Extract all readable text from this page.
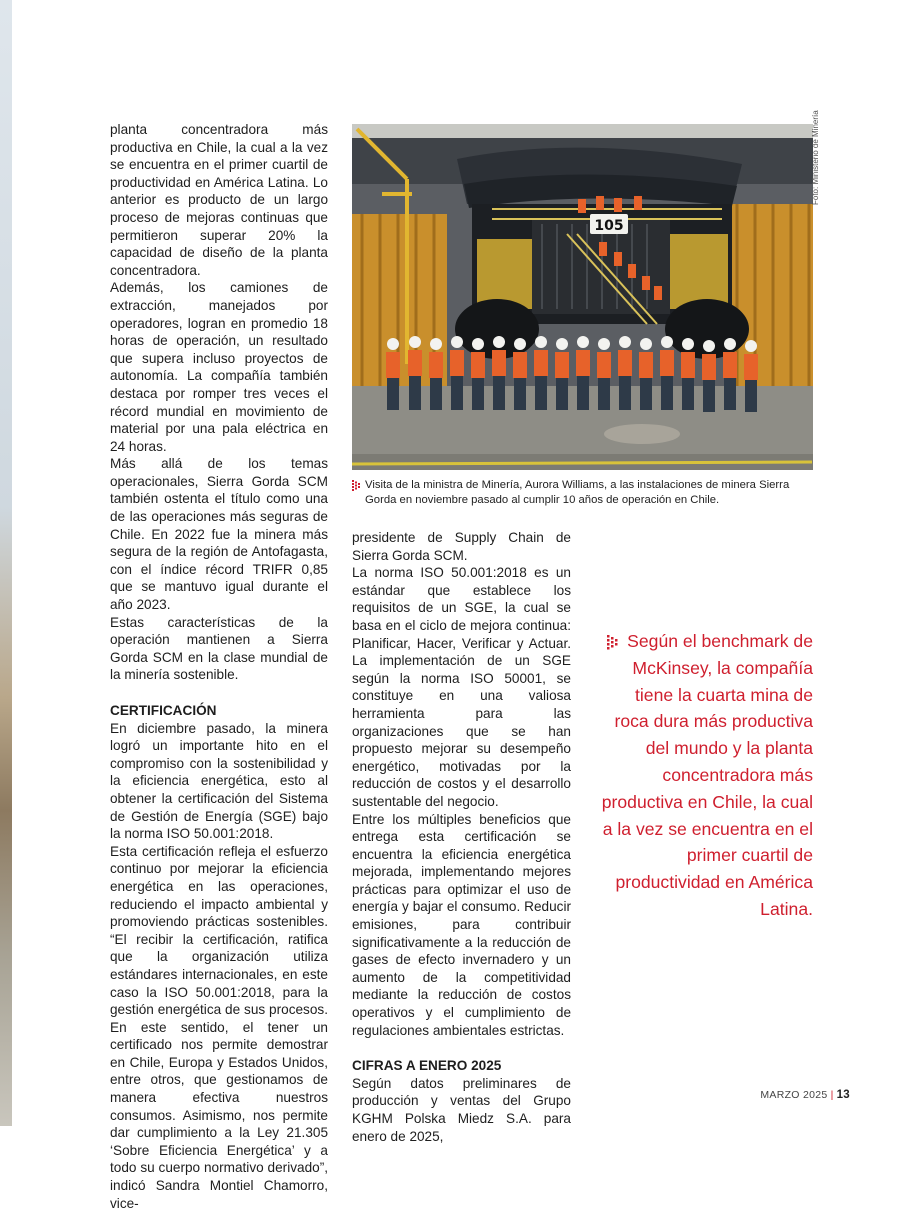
planta concentradora más productiva en Chile, la cual a la vez se encuentra en el primer cuartil de productividad en América Latina. Lo anterior es producto de un largo proceso de mejoras continuas que permitieron superar 20% la capacidad de diseño de la planta concentradora.

Además, los camiones de extracción, manejados por operadores, logran en promedio 18 horas de operación, un resultado que supera incluso proyectos de autonomía. La compañía también destaca por romper tres veces el récord mundial en movimiento de material por una pala eléctrica en 24 horas.

Más allá de los temas operacionales, Sierra Gorda SCM también ostenta el título como una de las operaciones más seguras de Chile. En 2022 fue la minera más segura de la región de Antofagasta, con el índice récord TRIFR 0,85 que se mantuvo igual durante el año 2023.

Estas características de la operación mantienen a Sierra Gorda SCM en la clase mundial de la minería sostenible.

CERTIFICACIÓN

En diciembre pasado, la minera logró un importante hito en el compromiso con la sostenibilidad y la eficiencia energética, esto al obtener la certificación del Sistema de Gestión de Energía (SGE) bajo la norma ISO 50.001:2018.

Esta certificación refleja el esfuerzo continuo por mejorar la eficiencia energética en las operaciones, reduciendo el impacto ambiental y promoviendo prácticas sostenibles. “El recibir la certificación, ratifica que la organización utiliza estándares internacionales, en este caso la ISO 50.001:2018, para la gestión energética de sus procesos. En este sentido, el tener un certificado nos permite demostrar en Chile, Europa y Estados Unidos, entre otros, que gestionamos de manera efectiva nuestros consumos. Asimismo, nos permite dar cumplimiento a la Ley 21.305 ‘Sobre Eficiencia Energética’ y a todo su cuerpo normativo derivado”, indicó Sandra Montiel Chamorro, vice-

105
Foto: Ministerio de Minería
Visita de la ministra de Minería, Aurora Williams, a las instalaciones de minera Sierra Gorda en noviembre pasado al cumplir 10 años de operación en Chile.

presidente de Supply Chain de Sierra Gorda SCM.

La norma ISO 50.001:2018 es un estándar que establece los requisitos de un SGE, la cual se basa en el ciclo de mejora continua: Planificar, Hacer, Verificar y Actuar. La implementación de un SGE según la norma ISO 50001, se constituye en una valiosa herramienta para las organizaciones que se han propuesto mejorar su desempeño energético, motivadas por la reducción de costos y el desarrollo sustentable del negocio.

Entre los múltiples beneficios que entrega esta certificación se encuentra la eficiencia energética mejorada, implementando mejores prácticas para optimizar el uso de energía y bajar el consumo. Reducir emisiones, para contribuir significativamente a la reducción de gases de efecto invernadero y un aumento de la competitividad mediante la reducción de costos operativos y el cumplimiento de regulaciones ambientales estrictas.

CIFRAS A ENERO 2025

Según datos preliminares de producción y ventas del Grupo KGHM Polska Miedz S.A. para enero de 2025,

Según el benchmark de McKinsey, la compañía tiene la cuarta mina de roca dura más productiva del mundo y la planta concentradora más productiva en Chile, la cual a la vez se encuentra en el primer cuartil de productividad en América Latina.
MARZO 2025 | 13
